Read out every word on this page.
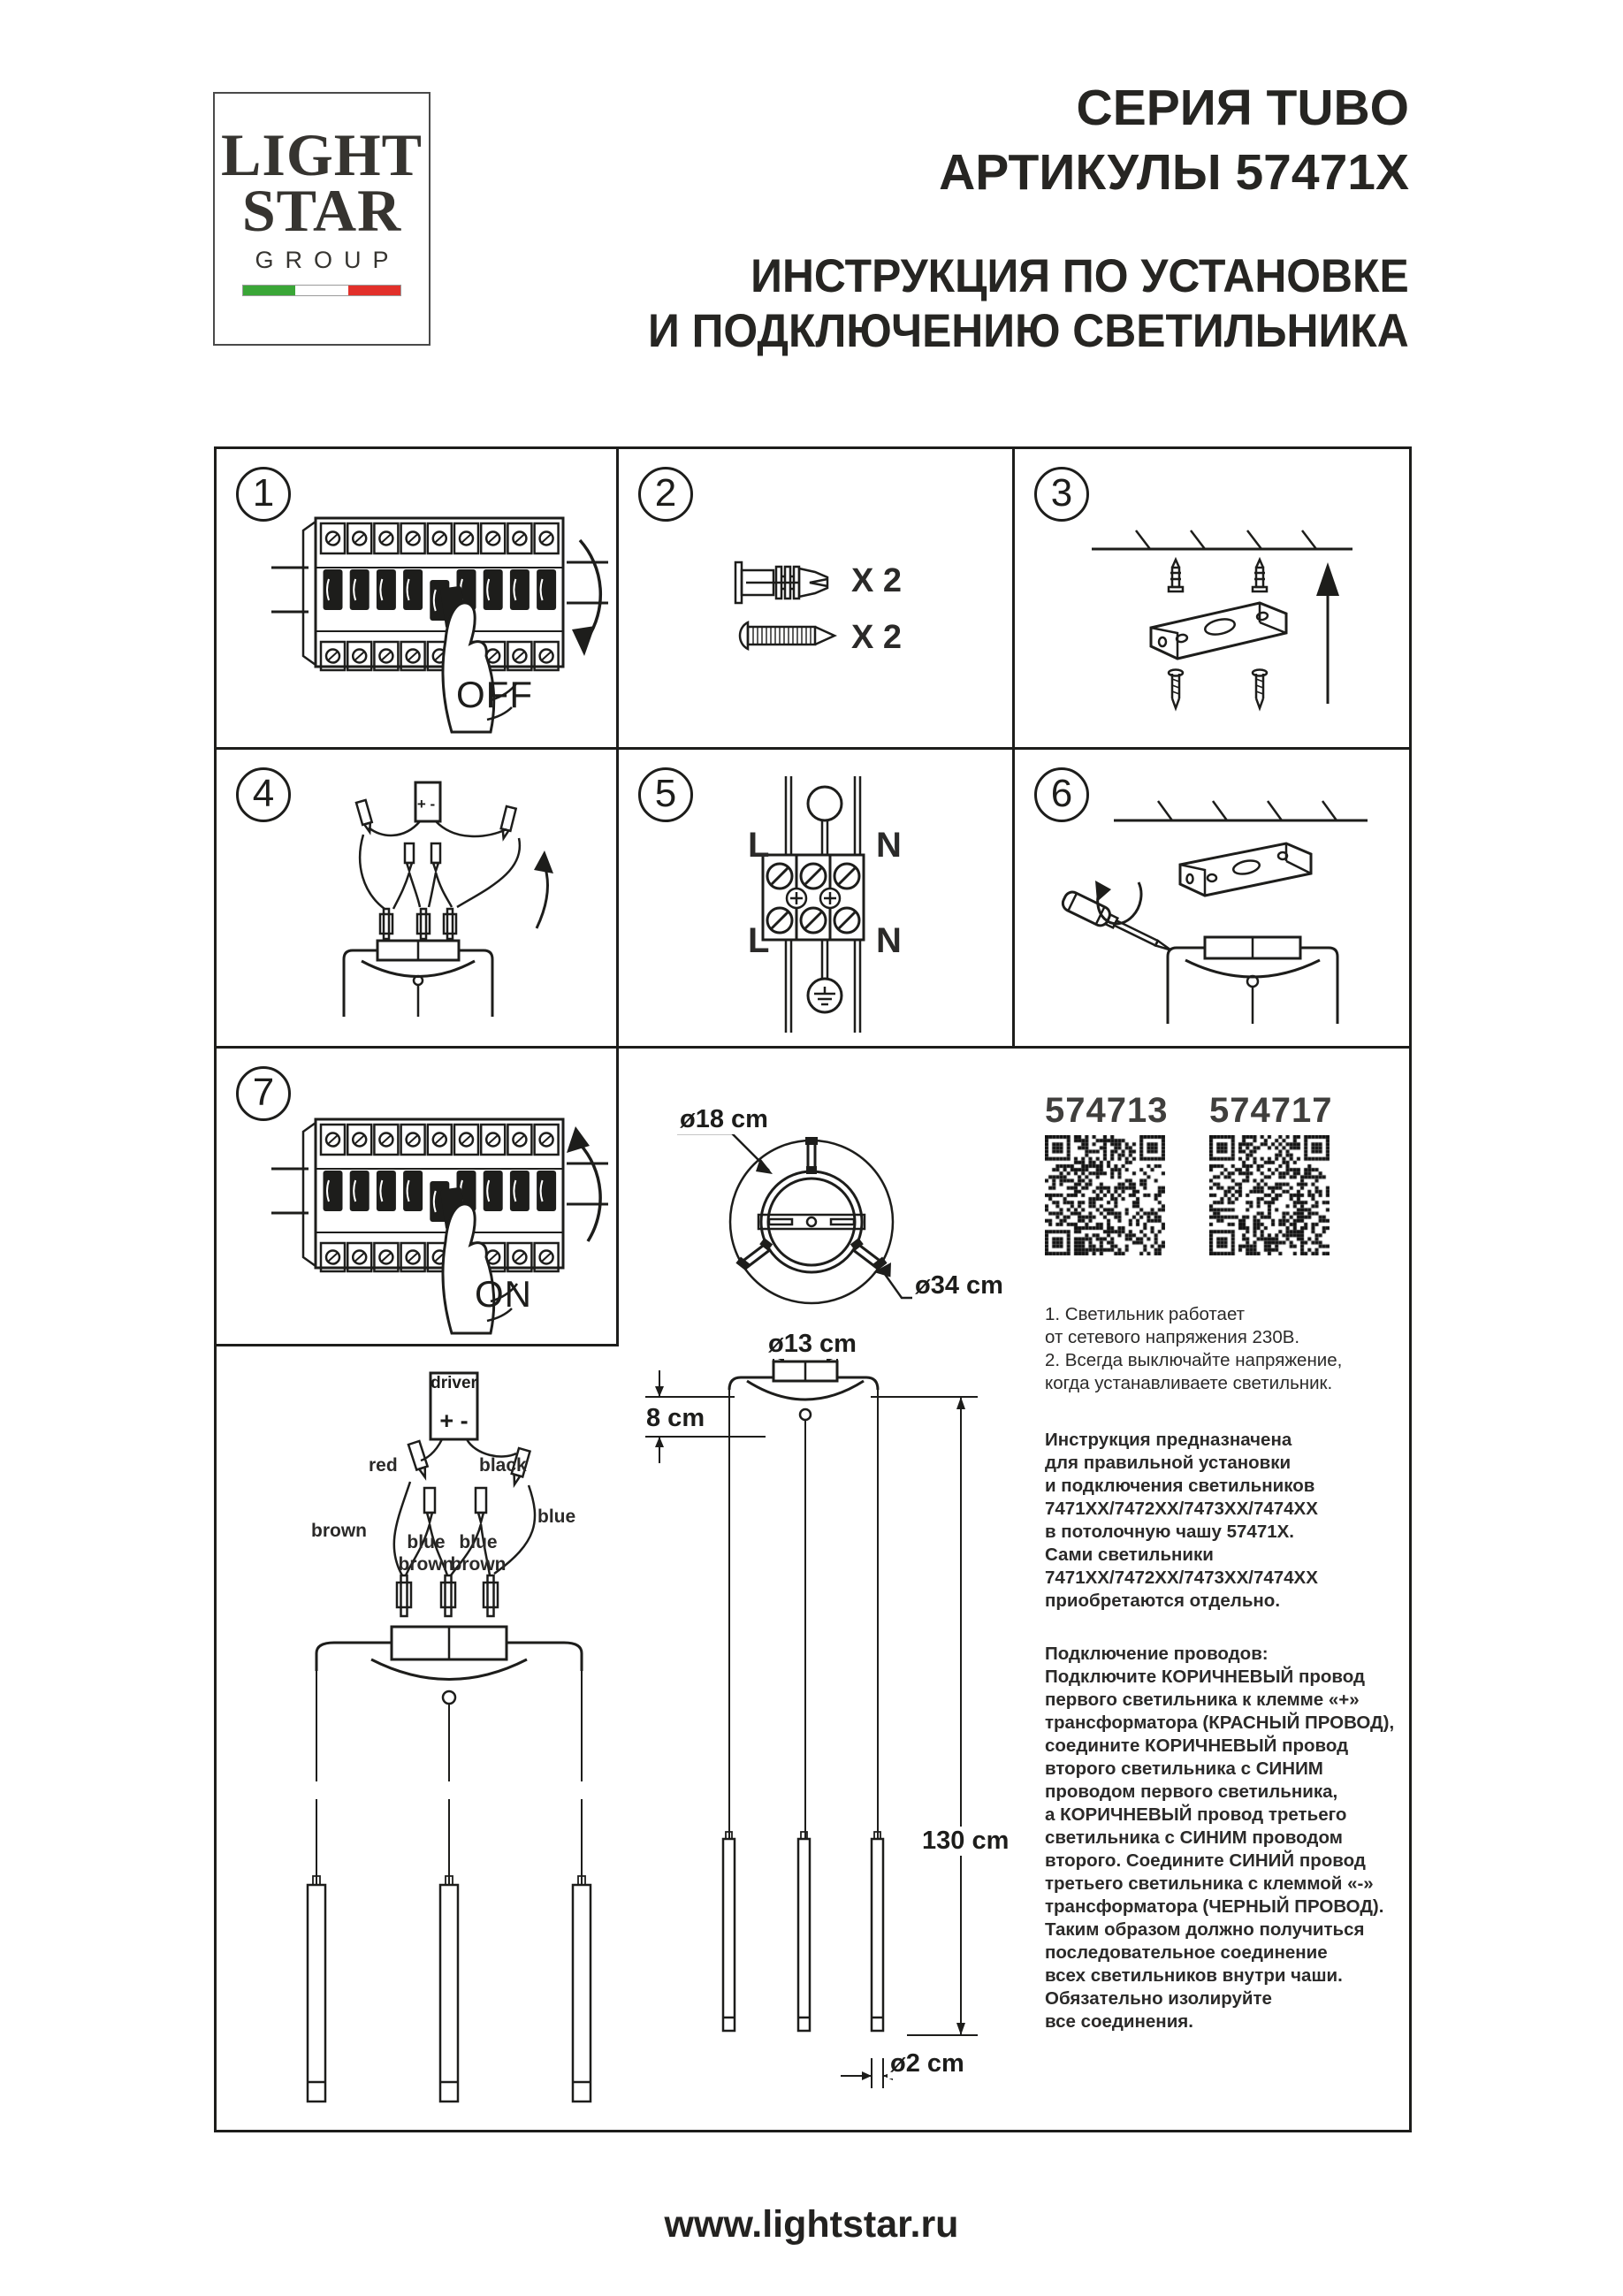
LIGHT
STAR
GROUP
СЕРИЯ TUBO
АРТИКУЛЫ 57471X
ИНСТРУКЦИЯ ПО УСТАНОВКЕ
И ПОДКЛЮЧЕНИЮ СВЕТИЛЬНИКА
1	2	3
4	5	6
7
OFF
X 2
X 2
+ -
L	N
L	N
ON
ø18 cm
ø34 cm
ø13 cm
8 cm
130 cm
ø2 cm
driver
+ -
red	black
brown
blue
blue
brown
blue
brown
574713 574717
1. Светильник работает
от сетевого напряжения 230В.
2. Всегда выключайте напряжение,
когда устанавливаете светильник.
Инструкция предназначена
для правильной установки
и подключения светильников
7471ХХ/7472ХХ/7473ХХ/7474ХХ
в потолочную чашу 57471Х.
Сами светильники
7471ХХ/7472ХХ/7473ХХ/7474ХХ
приобретаются отдельно.
Подключение проводов:
Подключите КОРИЧНЕВЫЙ провод
первого светильника к клемме «+»
трансформатора (КРАСНЫЙ ПРОВОД),
соедините КОРИЧНЕВЫЙ провод
второго светильника с СИНИМ
проводом первого светильника,
а КОРИЧНЕВЫЙ провод третьего
светильника с СИНИМ проводом
второго. Соедините СИНИЙ провод
третьего светильника с клеммой «-»
трансформатора (ЧЕРНЫЙ ПРОВОД).
Таким образом должно получиться
последовательное соединение
всех светильников внутри чаши.
Обязательно изолируйте
все соединения.
www.lightstar.ru
